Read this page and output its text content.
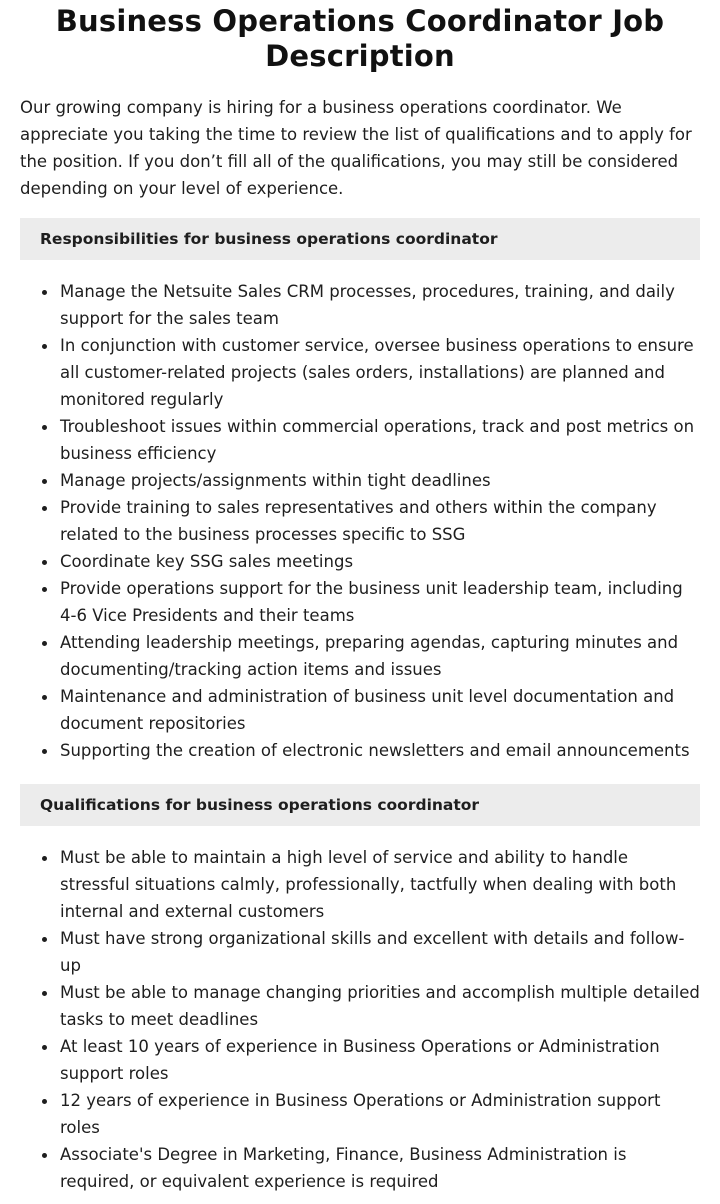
Business Operations Coordinator Job Description

Our growing company is hiring for a business operations coordinator. We appreciate you taking the time to review the list of qualifications and to apply for the position. If you don’t fill all of the qualifications, you may still be considered depending on your level of experience.

Responsibilities for business operations coordinator
Manage the Netsuite Sales CRM processes, procedures, training, and daily support for the sales team
In conjunction with customer service, oversee business operations to ensure all customer-related projects (sales orders, installations) are planned and monitored regularly
Troubleshoot issues within commercial operations, track and post metrics on business efficiency
Manage projects/assignments within tight deadlines
Provide training to sales representatives and others within the company related to the business processes specific to SSG
Coordinate key SSG sales meetings
Provide operations support for the business unit leadership team, including 4-6 Vice Presidents and their teams
Attending leadership meetings, preparing agendas, capturing minutes and documenting/tracking action items and issues
Maintenance and administration of business unit level documentation and document repositories
Supporting the creation of electronic newsletters and email announcements
Qualifications for business operations coordinator
Must be able to maintain a high level of service and ability to handle stressful situations calmly, professionally, tactfully when dealing with both internal and external customers
Must have strong organizational skills and excellent with details and follow-up
Must be able to manage changing priorities and accomplish multiple detailed tasks to meet deadlines
At least 10 years of experience in Business Operations or Administration support roles
12 years of experience in Business Operations or Administration support roles
Associate's Degree in Marketing, Finance, Business Administration is required, or equivalent experience is required
